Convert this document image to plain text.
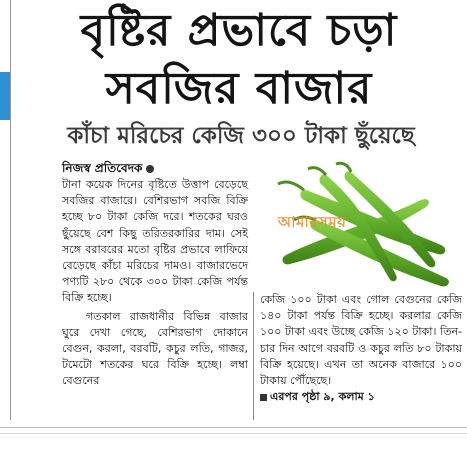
বৃষ্টির প্রভাবে চড়া
সবজির বাজার
কাঁচা মরিচের কেজি ৩০০ টাকা ছুঁয়েছে
নিজস্ব প্রতিবেদক

টানা কয়েক দিনের বৃষ্টিতে উত্তাপ বেড়েছে সবজির বাজারে। বেশিরভাগ সবজি বিক্রি হচ্ছে ৮০ টাকা কেজি দরে। শতকের ঘরও ছুঁয়েছে বেশ কিছু তরিতরকারির দাম। সেই সঙ্গে বরাবরের মতো বৃষ্টির প্রভাবে লাফিয়ে বেড়েছে কাঁচা মরিচের দামও। বাজারভেদে পণ্যটি ২৮০ থেকে ৩০০ টাকা কেজি পর্যন্ত বিক্রি হচ্ছে।

গতকাল রাজধানীর বিভিন্ন বাজার ঘুরে দেখা গেছে, বেশিরভাগ দোকানে বেগুন, করলা, বরবটি, কচুর লতি, গাজর, টমেটো শতকের ঘরে বিক্রি হচ্ছে। লম্বা বেগুনের

আমারসময়

কেজি ১০০ টাকা এবং গোল বেগুনের কেজি ১৪০ টাকা পর্যন্ত বিক্রি হচ্ছে। করলার কেজি ১০০ টাকা এবং উচ্ছে কেজি ১২০ টাকা। তিন-চার দিন আগে বরবটি ও কচুর লতি ৮০ টাকায় বিক্রি হয়েছে। এখন তা অনেক বাজারে ১০০ টাকায় পৌঁছেছে।

এরপর পৃষ্ঠা ৯, কলাম ১
